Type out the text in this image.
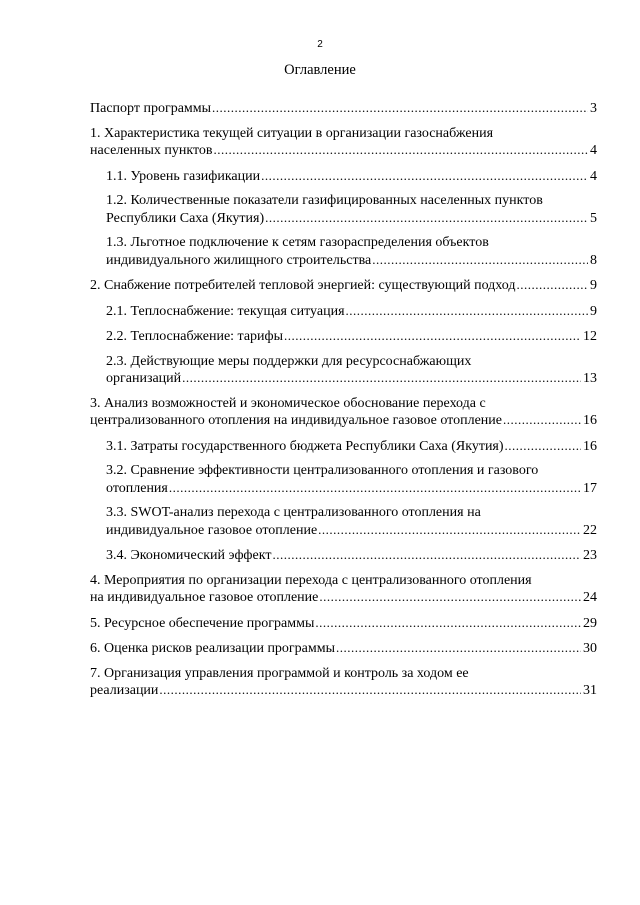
2
Оглавление
Паспорт программы .....	3
1. Характеристика текущей ситуации в организации газоснабжения
населенных пунктов .....	4
1.1. Уровень газификации .....	4
1.2. Количественные показатели газифицированных населенных пунктов
Республики Саха (Якутия) .....	5
1.3. Льготное подключение к сетям газораспределения объектов
индивидуального жилищного строительства .....	8
2. Снабжение потребителей тепловой энергией: существующий подход .....	9
2.1. Теплоснабжение: текущая ситуация .....	9
2.2. Теплоснабжение: тарифы .....	12
2.3. Действующие меры поддержки для ресурсоснабжающих
организаций .....	13
3. Анализ возможностей и экономическое обоснование перехода с
централизованного отопления на индивидуальное газовое отопление .....	16
3.1. Затраты государственного бюджета Республики Саха (Якутия) .....	16
3.2. Сравнение эффективности централизованного отопления и газового
отопления .....	17
3.3. SWOT-анализ перехода с централизованного отопления на
индивидуальное газовое отопление .....	22
3.4. Экономический эффект .....	23
4. Мероприятия по организации перехода с централизованного отопления
на индивидуальное газовое отопление .....	24
5. Ресурсное обеспечение программы .....	29
6. Оценка рисков реализации программы .....	30
7. Организация управления программой и контроль за ходом ее
реализации .....	31
